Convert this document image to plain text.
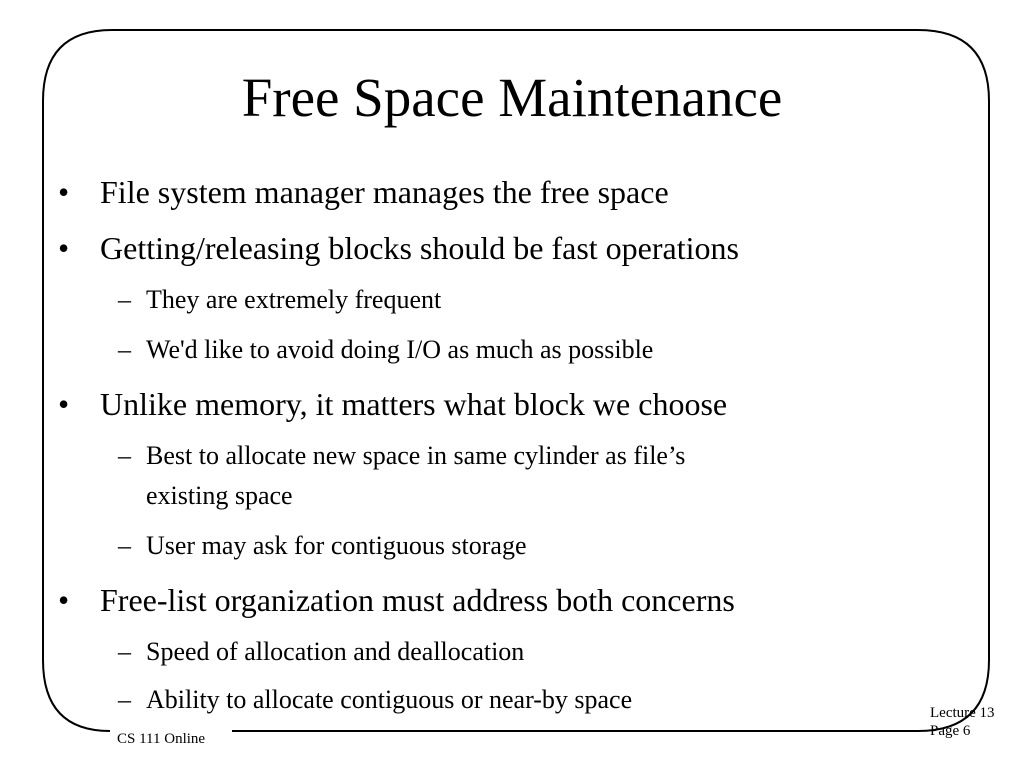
Free Space Maintenance
• File system manager manages the free space
• Getting/releasing blocks should be fast operations
– They are extremely frequent
– We'd like to avoid doing I/O as much as possible
• Unlike memory, it matters what block we choose
– Best to allocate new space in same cylinder as file’s
existing space
– User may ask for contiguous storage
• Free-list organization must address both concerns
– Speed of allocation and deallocation
– Ability to allocate contiguous or near-by space
CS 111 Online
Lecture 13
Page 6
